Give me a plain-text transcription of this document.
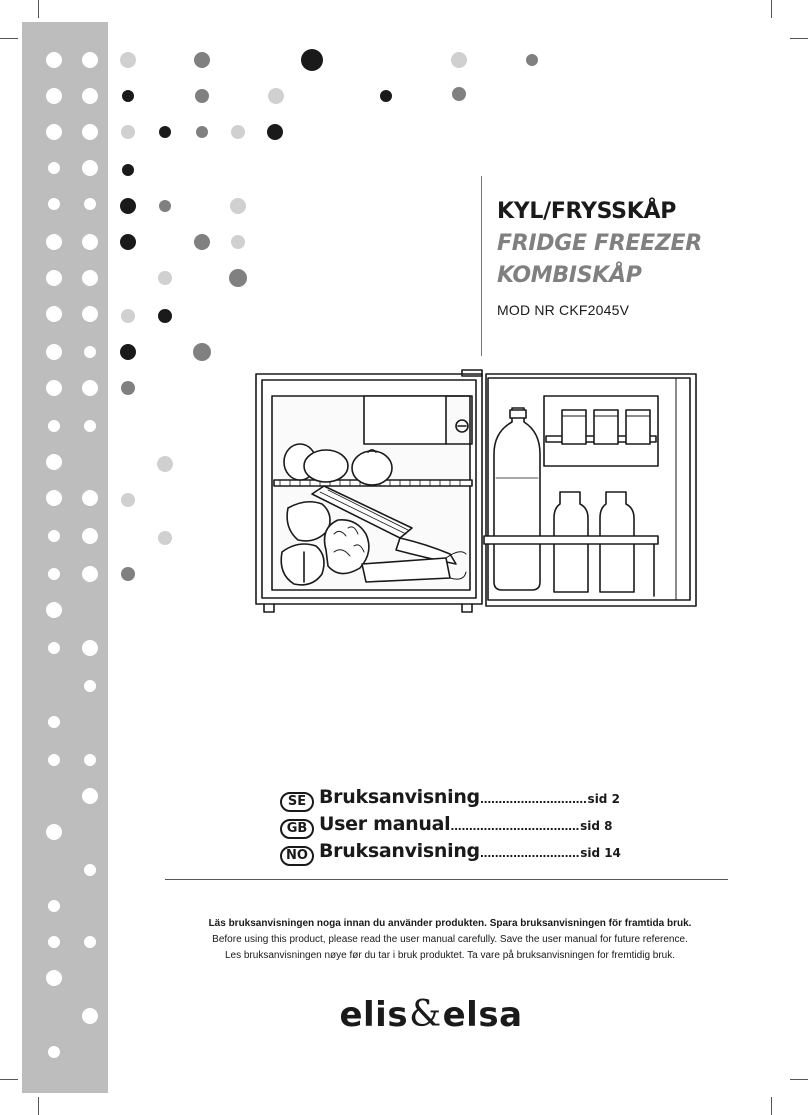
KYL/FRYSSKÅP
FRIDGE FREEZER
KOMBISKÅP
MOD NR CKF2045V
SE Bruksanvisning ............................. sid 2
GB User manual ................................... sid 8
NO Bruksanvisning ........................... sid 14
Läs bruksanvisningen noga innan du använder produkten. Spara bruksanvisningen för framtida bruk.
Before using this product, please read the user manual carefully. Save the user manual for future reference.
Les bruksanvisningen nøye før du tar i bruk produktet. Ta vare på bruksanvisningen for fremtidig bruk.
elis&elsa
